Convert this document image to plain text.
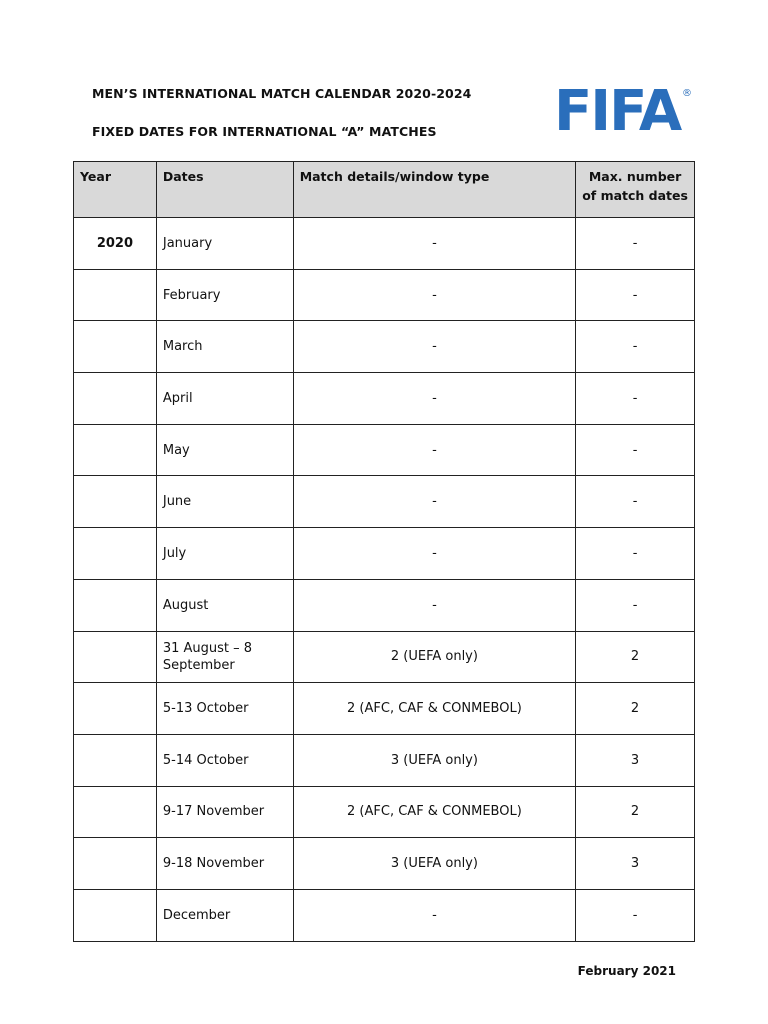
MEN’S INTERNATIONAL MATCH CALENDAR 2020-2024
FIXED DATES FOR INTERNATIONAL “A” MATCHES FIFA ®
Year	Dates	Match details/window type	Max. number of match dates
2020	January	-	-
	February	-	-
	March	-	-
	April	-	-
	May	-	-
	June	-	-
	July	-	-
	August	-	-
	31 August – 8 September	2 (UEFA only)	2
	5-13 October	2 (AFC, CAF & CONMEBOL)	2
	5-14 October	3 (UEFA only)	3
	9-17 November	2 (AFC, CAF & CONMEBOL)	2
	9-18 November	3 (UEFA only)	3
	December	-	-
February 2021
